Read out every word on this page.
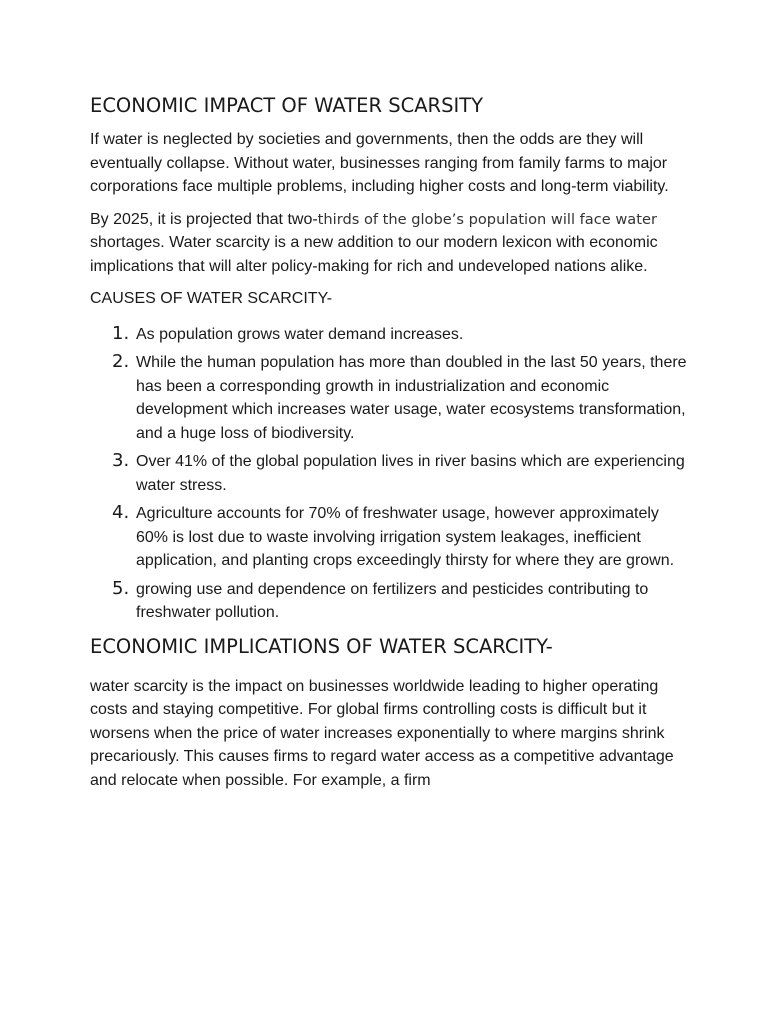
ECONOMIC IMPACT OF WATER SCARSITY

If water is neglected by societies and governments, then the odds are they will eventually collapse. Without water, businesses ranging from family farms to major corporations face multiple problems, including higher costs and long-term viability.

By 2025, it is projected that two-thirds of the globe’s population will face water shortages. Water scarcity is a new addition to our modern lexicon with economic implications that will alter policy-making for rich and undeveloped nations alike.

CAUSES OF WATER SCARCITY-

1. As population grows water demand increases.
2. While the human population has more than doubled in the last 50 years, there has been a corresponding growth in industrialization and economic development which increases water usage, water ecosystems transformation, and a huge loss of biodiversity.
3. Over 41% of the global population lives in river basins which are experiencing water stress.
4. Agriculture accounts for 70% of freshwater usage, however approximately 60% is lost due to waste involving irrigation system leakages, inefficient application, and planting crops exceedingly thirsty for where they are grown.
5. growing use and dependence on fertilizers and pesticides contributing to freshwater pollution.
ECONOMIC IMPLICATIONS OF WATER SCARCITY-

water scarcity is the impact on businesses worldwide leading to higher operating costs and staying competitive. For global firms controlling costs is difficult but it worsens when the price of water increases exponentially to where margins shrink precariously. This causes firms to regard water access as a competitive advantage and relocate when possible. For example, a firm
